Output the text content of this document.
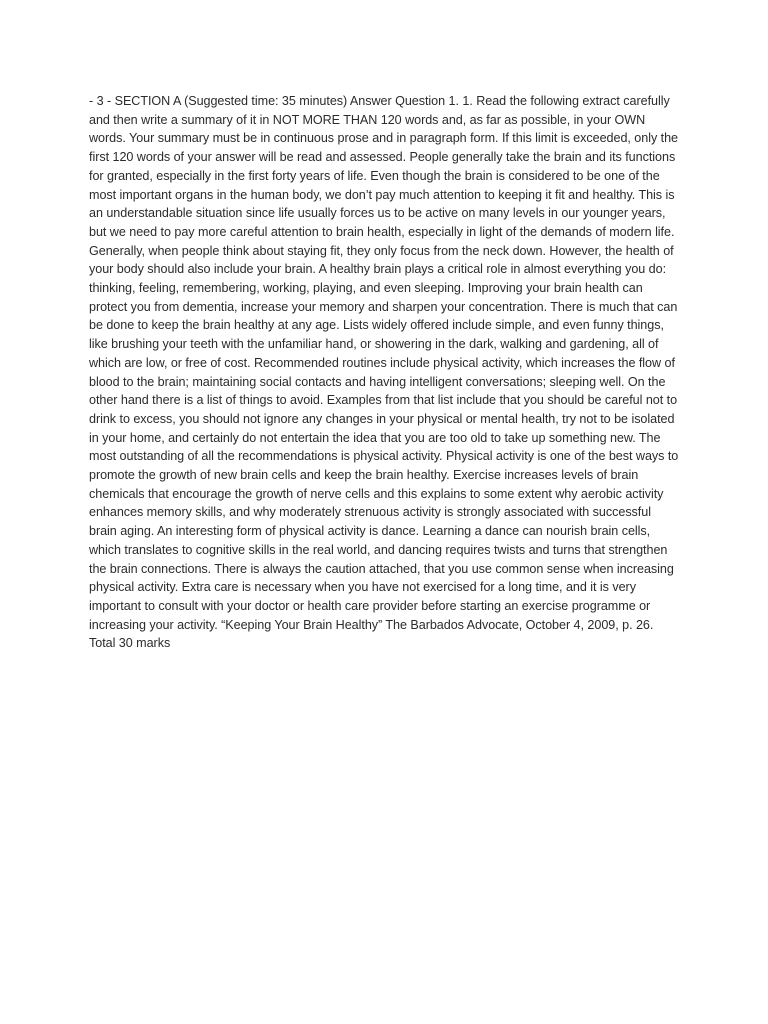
- 3 - SECTION A (Suggested time: 35 minutes) Answer Question 1. 1. Read the following extract carefully and then write a summary of it in NOT MORE THAN 120 words and, as far as possible, in your OWN words. Your summary must be in continuous prose and in paragraph form. If this limit is exceeded, only the first 120 words of your answer will be read and assessed. People generally take the brain and its functions for granted, especially in the first forty years of life. Even though the brain is considered to be one of the most important organs in the human body, we don’t pay much attention to keeping it fit and healthy. This is an understandable situation since life usually forces us to be active on many levels in our younger years, but we need to pay more careful attention to brain health, especially in light of the demands of modern life. Generally, when people think about staying fit, they only focus from the neck down. However, the health of your body should also include your brain. A healthy brain plays a critical role in almost everything you do: thinking, feeling, remembering, working, playing, and even sleeping. Improving your brain health can protect you from dementia, increase your memory and sharpen your concentration. There is much that can be done to keep the brain healthy at any age. Lists widely offered include simple, and even funny things, like brushing your teeth with the unfamiliar hand, or showering in the dark, walking and gardening, all of which are low, or free of cost. Recommended routines include physical activity, which increases the flow of blood to the brain; maintaining social contacts and having intelligent conversations; sleeping well. On the other hand there is a list of things to avoid. Examples from that list include that you should be careful not to drink to excess, you should not ignore any changes in your physical or mental health, try not to be isolated in your home, and certainly do not entertain the idea that you are too old to take up something new. The most outstanding of all the recommendations is physical activity. Physical activity is one of the best ways to promote the growth of new brain cells and keep the brain healthy. Exercise increases levels of brain chemicals that encourage the growth of nerve cells and this explains to some extent why aerobic activity enhances memory skills, and why moderately strenuous activity is strongly associated with successful brain aging. An interesting form of physical activity is dance. Learning a dance can nourish brain cells, which translates to cognitive skills in the real world, and dancing requires twists and turns that strengthen the brain connections. There is always the caution attached, that you use common sense when increasing physical activity. Extra care is necessary when you have not exercised for a long time, and it is very important to consult with your doctor or health care provider before starting an exercise programme or increasing your activity. “Keeping Your Brain Healthy” The Barbados Advocate, October 4, 2009, p. 26. Total 30 marks
